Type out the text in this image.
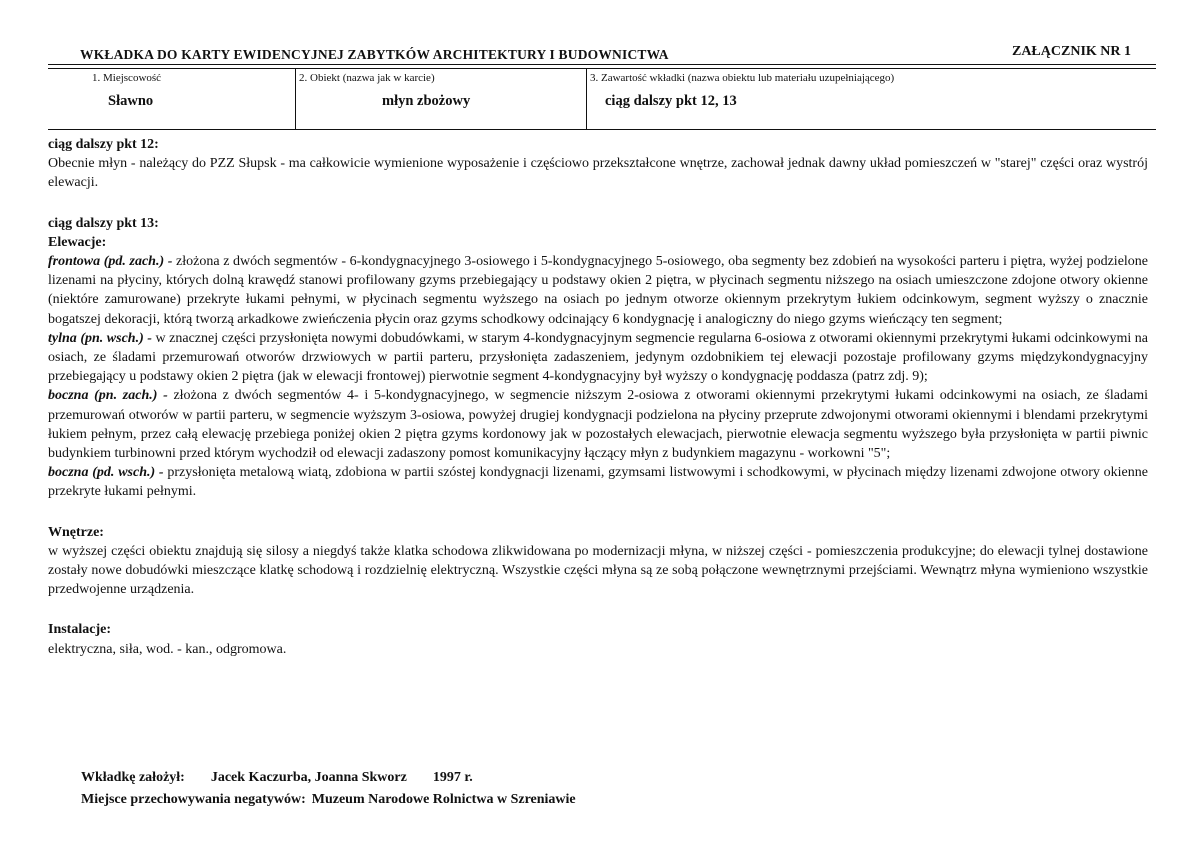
WKŁADKA DO KARTY EWIDENCYJNEJ ZABYTKÓW ARCHITEKTURY I BUDOWNICTWA	ZAŁĄCZNIK NR 1
1. Miejscowość
Sławno
2. Obiekt (nazwa jak w karcie)
młyn zbożowy
3. Zawartość wkładki (nazwa obiektu lub materiału uzupełniającego)
ciąg dalszy pkt 12, 13

ciąg dalszy pkt 12:

Obecnie młyn - należący do PZZ Słupsk - ma całkowicie wymienione wyposażenie i częściowo przekształcone wnętrze, zachował jednak dawny układ pomieszczeń w "starej" części oraz wystrój elewacji.

ciąg dalszy pkt 13:

Elewacje:

frontowa (pd. zach.) - złożona z dwóch segmentów - 6-kondygnacyjnego 3-osiowego i 5-kondygnacyjnego 5-osiowego, oba segmenty bez zdobień na wysokości parteru i piętra, wyżej podzielone lizenami na płyciny, których dolną krawędź stanowi profilowany gzyms przebiegający u podstawy okien 2 piętra, w płycinach segmentu niższego na osiach umieszczone zdojone otwory okienne (niektóre zamurowane) przekryte łukami pełnymi, w płycinach segmentu wyższego na osiach po jednym otworze okiennym przekrytym łukiem odcinkowym, segment wyższy o znacznie bogatszej dekoracji, którą tworzą arkadkowe zwieńczenia płycin oraz gzyms schodkowy odcinający 6 kondygnację i analogiczny do niego gzyms wieńczący ten segment;

tylna (pn. wsch.) - w znacznej części przysłonięta nowymi dobudówkami, w starym 4-kondygnacyjnym segmencie regularna 6-osiowa z otworami okiennymi przekrytymi łukami odcinkowymi na osiach, ze śladami przemurowań otworów drzwiowych w partii parteru, przysłonięta zadaszeniem, jedynym ozdobnikiem tej elewacji pozostaje profilowany gzyms międzykondygnacyjny przebiegający u podstawy okien 2 piętra (jak w elewacji frontowej) pierwotnie segment 4-kondygnacyjny był wyższy o kondygnację poddasza (patrz zdj. 9);

boczna (pn. zach.) - złożona z dwóch segmentów 4- i 5-kondygnacyjnego, w segmencie niższym 2-osiowa z otworami okiennymi przekrytymi łukami odcinkowymi na osiach, ze śladami przemurowań otworów w partii parteru, w segmencie wyższym 3-osiowa, powyżej drugiej kondygnacji podzielona na płyciny przeprute zdwojonymi otworami okiennymi i blendami przekrytymi łukiem pełnym, przez całą elewację przebiega poniżej okien 2 piętra gzyms kordonowy jak w pozostałych elewacjach, pierwotnie elewacja segmentu wyższego była przysłonięta w partii piwnic budynkiem turbinowni przed którym wychodził od elewacji zadaszony pomost komunikacyjny łączący młyn z budynkiem magazynu - workowni "5";

boczna (pd. wsch.) - przysłonięta metalową wiatą, zdobiona w partii szóstej kondygnacji lizenami, gzymsami listwowymi i schodkowymi, w płycinach między lizenami zdwojone otwory okienne przekryte łukami pełnymi.

Wnętrze:

w wyższej części obiektu znajdują się silosy a niegdyś także klatka schodowa zlikwidowana po modernizacji młyna, w niższej części - pomieszczenia produkcyjne; do elewacji tylnej dostawione zostały nowe dobudówki mieszczące klatkę schodową i rozdzielnię elektryczną. Wszystkie części młyna są ze sobą połączone wewnętrznymi przejściami. Wewnątrz młyna wymieniono wszystkie przedwojenne urządzenia.

Instalacje:

elektryczna, siła, wod. - kan., odgromowa.

Wkładkę założył: Jacek Kaczurba, Joanna Skworz 1997 r.
Miejsce przechowywania negatywów: Muzeum Narodowe Rolnictwa w Szreniawie
